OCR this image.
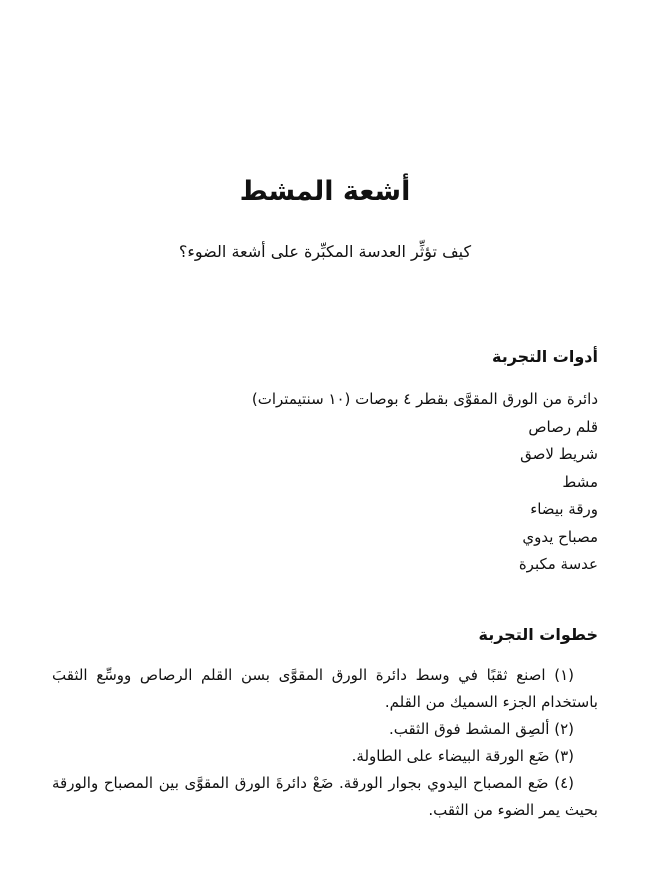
أشعة المشط

كيف تؤثِّر العدسة المكبِّرة على أشعة الضوء؟

أدوات التجربة
دائرة من الورق المقوَّى بقطر ٤ بوصات (١٠ سنتيمترات)
قلم رصاص
شريط لاصق
مشط
ورقة بيضاء
مصباح يدوي
عدسة مكبرة
خطوات التجربة
(١) اصنع ثقبًا في وسط دائرة الورق المقوَّى بسن القلم الرصاص ووسِّع الثقبَ باستخدام الجزء السميك من القلم.
(٢) ألصِق المشط فوق الثقب.
(٣) ضَع الورقة البيضاء على الطاولة.
(٤) ضَع المصباح اليدوي بجوار الورقة. ضَعْ دائرةَ الورق المقوَّى بين المصباح والورقة بحيث يمر الضوء من الثقب.
